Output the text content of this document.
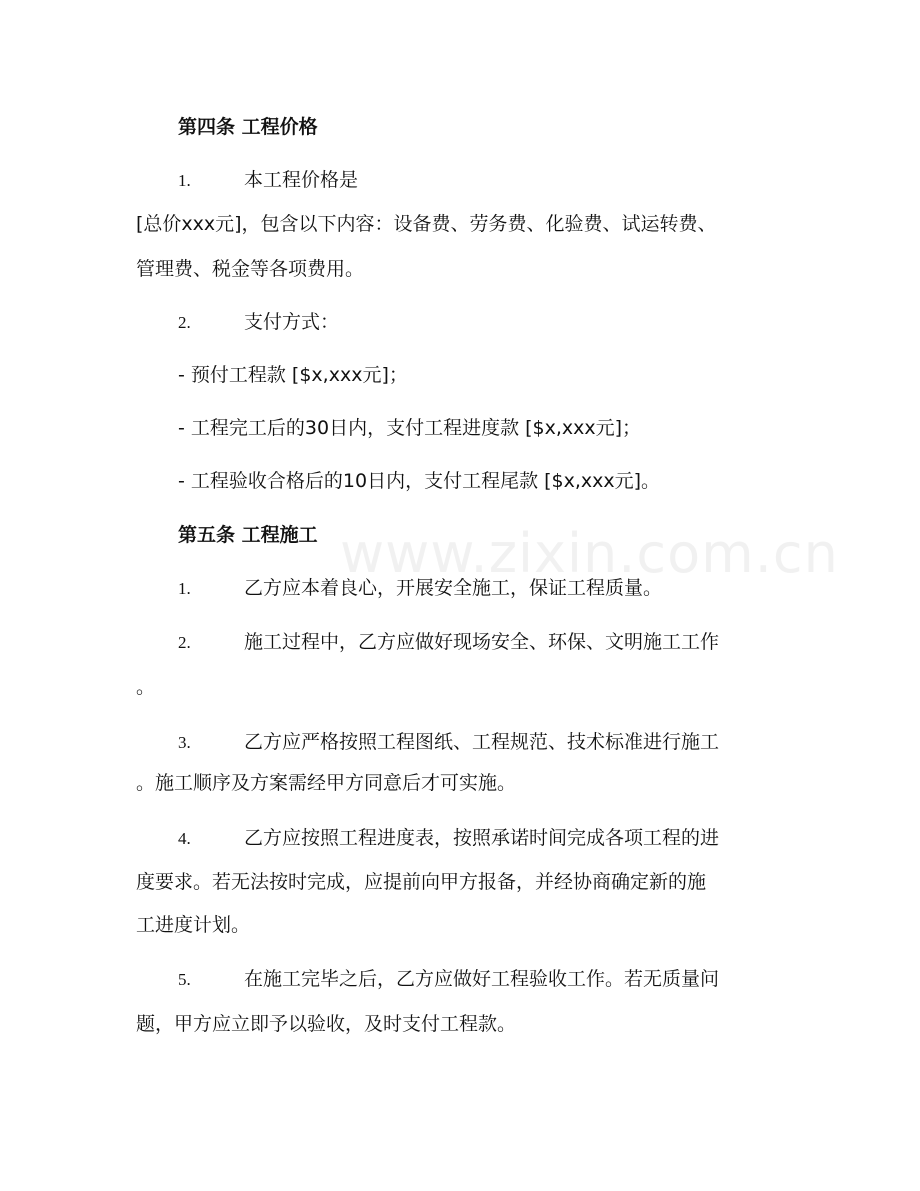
www.zixin.com.cn
第四条 工程价格
1.	本工程价格是
[总价xxx元]，包含以下内容：设备费、劳务费、化验费、试运转费、
管理费、税金等各项费用。
2.	支付方式：
- 预付工程款 [$x,xxx元]；
- 工程完工后的30日内，支付工程进度款 [$x,xxx元]；
- 工程验收合格后的10日内，支付工程尾款 [$x,xxx元]。
第五条 工程施工
1.	乙方应本着良心，开展安全施工，保证工程质量。
2.	施工过程中，乙方应做好现场安全、环保、文明施工工作
。
3.	乙方应严格按照工程图纸、工程规范、技术标准进行施工
。施工顺序及方案需经甲方同意后才可实施。
4.	乙方应按照工程进度表，按照承诺时间完成各项工程的进
度要求。若无法按时完成，应提前向甲方报备，并经协商确定新的施
工进度计划。
5.	在施工完毕之后，乙方应做好工程验收工作。若无质量问
题，甲方应立即予以验收，及时支付工程款。
